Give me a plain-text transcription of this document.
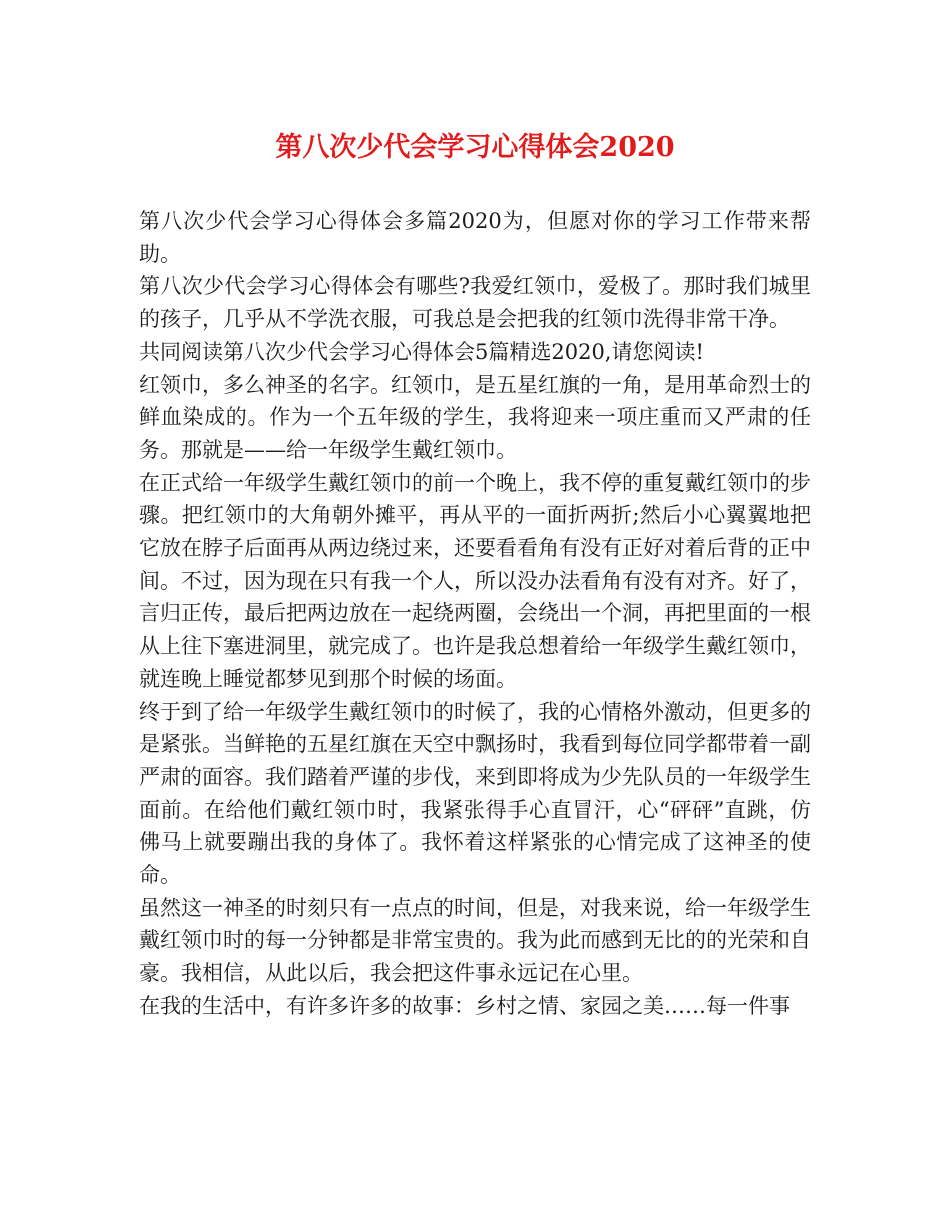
第八次少代会学习心得体会2020

第八次少代会学习心得体会多篇2020为，但愿对你的学习工作带来帮助。

第八次少代会学习心得体会有哪些?我爱红领巾，爱极了。那时我们城里的孩子，几乎从不学洗衣服，可我总是会把我的红领巾洗得非常干净。

共同阅读第八次少代会学习心得体会5篇精选2020,请您阅读!

红领巾，多么神圣的名字。红领巾，是五星红旗的一角，是用革命烈士的鲜血染成的。作为一个五年级的学生，我将迎来一项庄重而又严肃的任务。那就是——给一年级学生戴红领巾。

在正式给一年级学生戴红领巾的前一个晚上，我不停的重复戴红领巾的步骤。把红领巾的大角朝外摊平，再从平的一面折两折;然后小心翼翼地把它放在脖子后面再从两边绕过来，还要看看角有没有正好对着后背的正中间。不过，因为现在只有我一个人，所以没办法看角有没有对齐。好了，言归正传，最后把两边放在一起绕两圈，会绕出一个洞，再把里面的一根从上往下塞进洞里，就完成了。也许是我总想着给一年级学生戴红领巾，就连晚上睡觉都梦见到那个时候的场面。

终于到了给一年级学生戴红领巾的时候了，我的心情格外激动，但更多的是紧张。当鲜艳的五星红旗在天空中飘扬时，我看到每位同学都带着一副严肃的面容。我们踏着严谨的步伐，来到即将成为少先队员的一年级学生面前。在给他们戴红领巾时，我紧张得手心直冒汗，心“砰砰”直跳，仿佛马上就要蹦出我的身体了。我怀着这样紧张的心情完成了这神圣的使命。

虽然这一神圣的时刻只有一点点的时间，但是，对我来说，给一年级学生戴红领巾时的每一分钟都是非常宝贵的。我为此而感到无比的的光荣和自豪。我相信，从此以后，我会把这件事永远记在心里。

在我的生活中，有许多许多的故事：乡村之情、家园之美……每一件事
